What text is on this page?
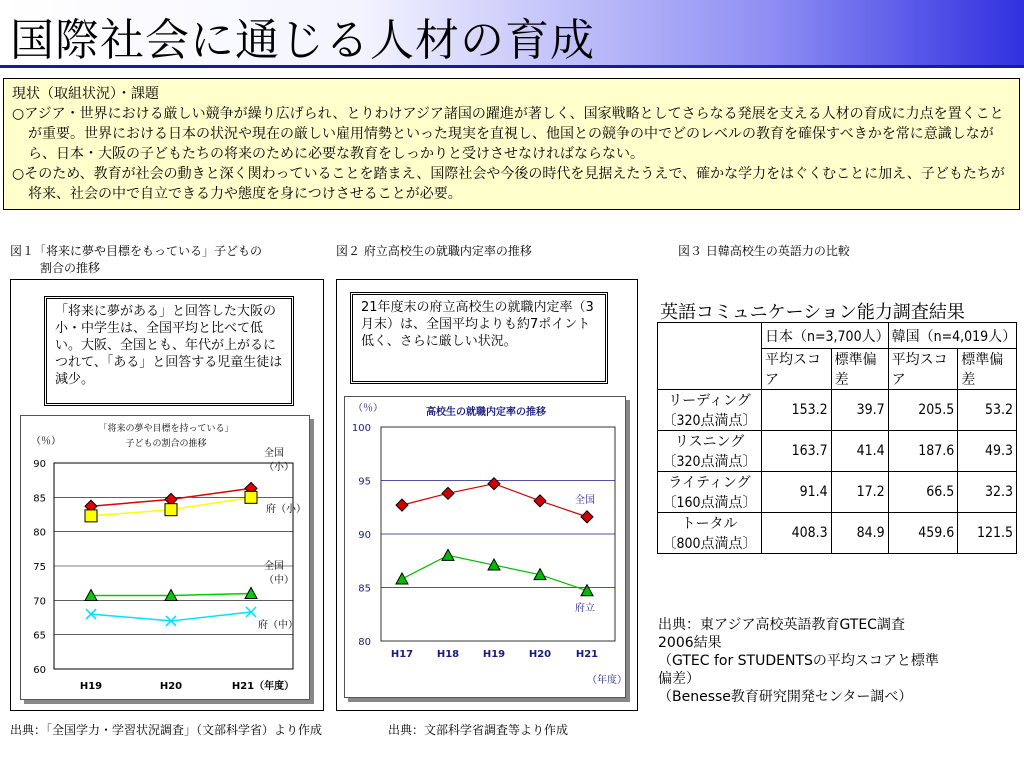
国際社会に通じる人材の育成

現状（取組状況）・課題

○アジア・世界における厳しい競争が繰り広げられ、とりわけアジア諸国の躍進が著しく、国家戦略としてさらなる発展を支える人材の育成に力点を置くことが重要。世界における日本の状況や現在の厳しい雇用情勢といった現実を直視し、他国との競争の中でどのレベルの教育を確保すべきかを常に意識しながら、日本・大阪の子どもたちの将来のために必要な教育をしっかりと受けさせなければならない。

○そのため、教育が社会の動きと深く関わっていることを踏まえ、国際社会や今後の時代を見据えたうえで、確かな学力をはぐくむことに加え、子どもたちが将来、社会の中で自立できる力や態度を身につけさせることが必要。

図１「将来に夢や目標をもっている」子どもの
割合の推移
「将来に夢がある」と回答した大阪の小・中学生は、全国平均と比べて低い。大阪、全国とも、年代が上がるにつれて、「ある」と回答する児童生徒は減少。
「将来の夢や目標を持っている」
子どもの割合の推移
60
65
70
75
80
85
90
（％）
H19	H20	H21（年度）
全国
（小）
府（小）
全国
（中）
府（中）
出典：「全国学力・学習状況調査」（文部科学省）より作成
図２ 府立高校生の就職内定率の推移
21年度末の府立高校生の就職内定率（3月末）は、全国平均よりも約7ポイント低く、さらに厳しい状況。
80
85
90
95
100
（％）	高校生の就職内定率の推移
H17 H18 H19 H20 H21
（年度）
全国
府立
出典：文部科学省調査等より作成
図３ 日韓高校生の英語力の比較
英語コミュニケーション能力調査結果
	日本（n=3,700人）		韓国（n=4,019人）	
	平均スコア	標準偏差	平均スコア	標準偏差

リーディング
〔320点満点〕	153.2	39.7	205.5	53.2

リスニング
〔320点満点〕	163.7	41.4	187.6	49.3

ライティング
〔160点満点〕	91.4	17.2	66.5	32.3

トータル
〔800点満点〕	408.3	84.9	459.6	121.5
出典：東アジア高校英語教育GTEC調査
2006結果
（GTEC for STUDENTSの平均スコアと標準
偏差）
（Benesse教育研究開発センター調べ）
